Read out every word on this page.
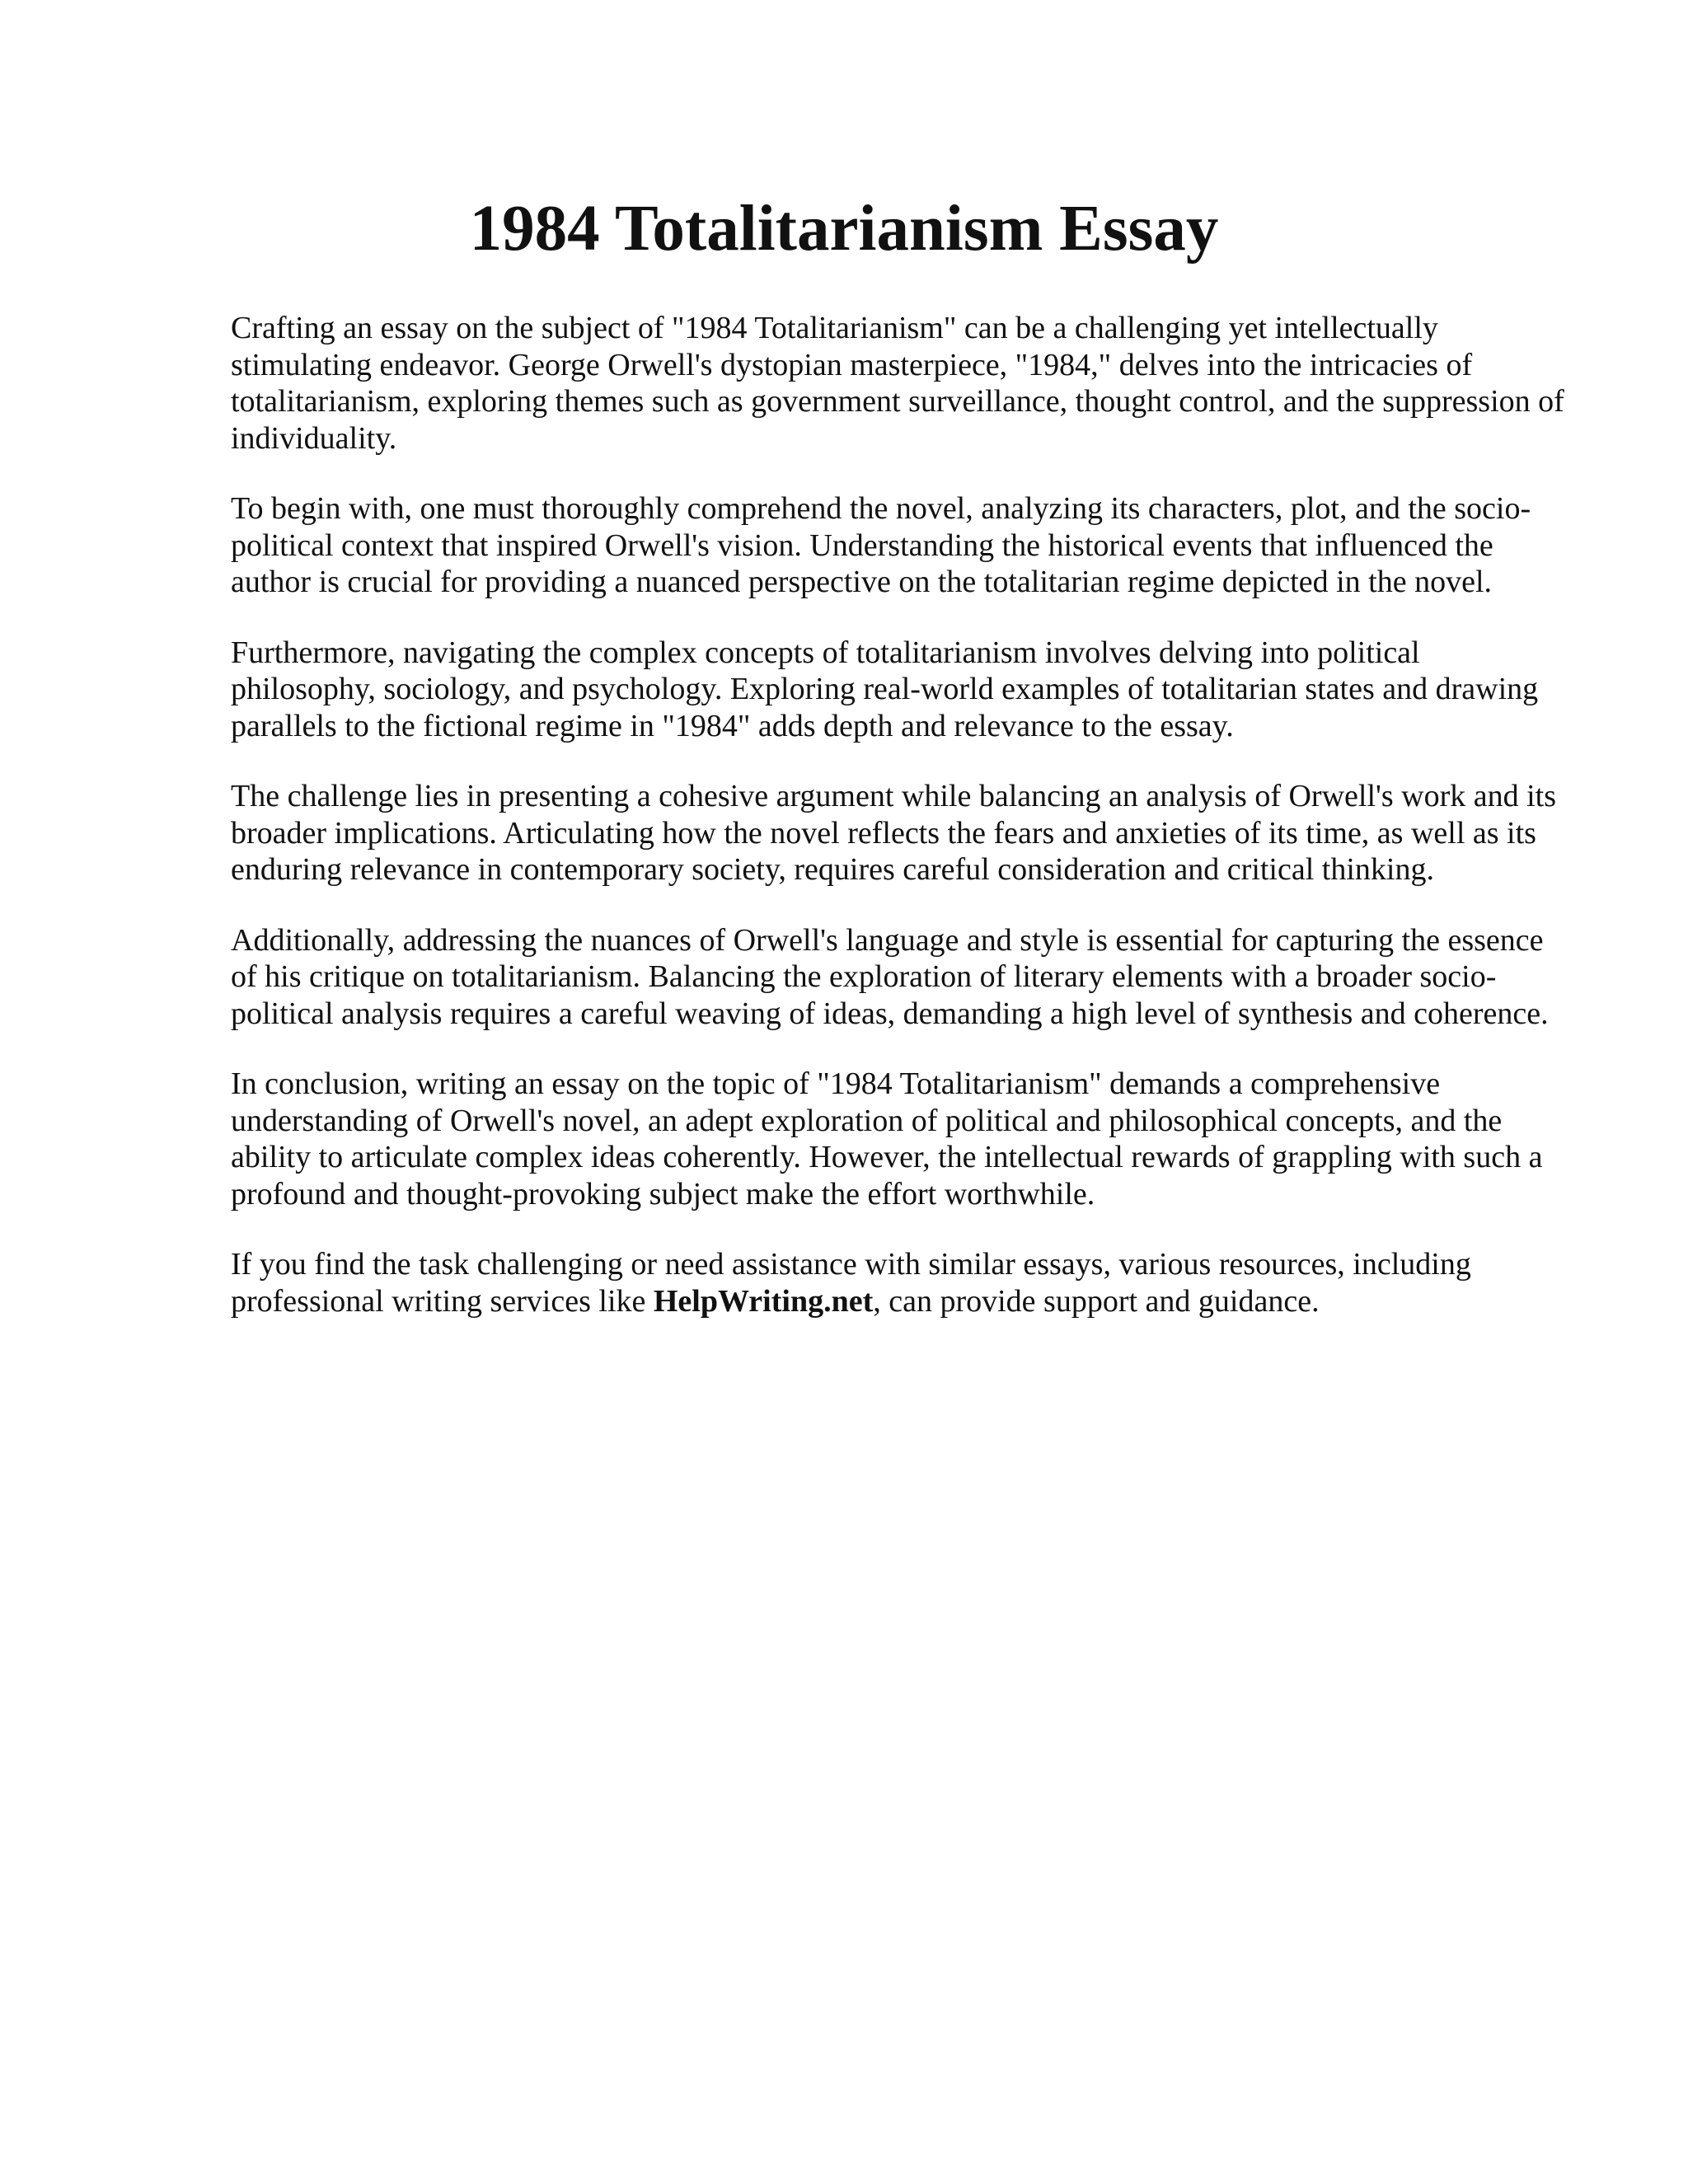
1984 Totalitarianism Essay

Crafting an essay on the subject of "1984 Totalitarianism" can be a challenging yet intellectually stimulating endeavor. George Orwell's dystopian masterpiece, "1984," delves into the intricacies of totalitarianism, exploring themes such as government surveillance, thought control, and the suppression of individuality.

To begin with, one must thoroughly comprehend the novel, analyzing its characters, plot, and the socio-political context that inspired Orwell's vision. Understanding the historical events that influenced the author is crucial for providing a nuanced perspective on the totalitarian regime depicted in the novel.

Furthermore, navigating the complex concepts of totalitarianism involves delving into political philosophy, sociology, and psychology. Exploring real-world examples of totalitarian states and drawing parallels to the fictional regime in "1984" adds depth and relevance to the essay.

The challenge lies in presenting a cohesive argument while balancing an analysis of Orwell's work and its broader implications. Articulating how the novel reflects the fears and anxieties of its time, as well as its enduring relevance in contemporary society, requires careful consideration and critical thinking.

Additionally, addressing the nuances of Orwell's language and style is essential for capturing the essence of his critique on totalitarianism. Balancing the exploration of literary elements with a broader socio-political analysis requires a careful weaving of ideas, demanding a high level of synthesis and coherence.

In conclusion, writing an essay on the topic of "1984 Totalitarianism" demands a comprehensive understanding of Orwell's novel, an adept exploration of political and philosophical concepts, and the ability to articulate complex ideas coherently. However, the intellectual rewards of grappling with such a profound and thought-provoking subject make the effort worthwhile.

If you find the task challenging or need assistance with similar essays, various resources, including professional writing services like HelpWriting.net, can provide support and guidance.
